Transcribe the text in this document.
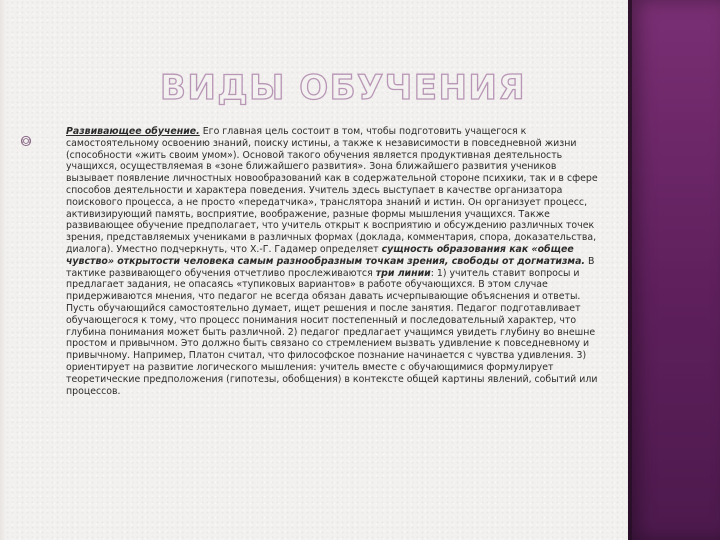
ВИДЫ ОБУЧЕНИЯ
Развивающее обучение. Его главная цель состоит в том, чтобы подготовить учащегося к самостоятельному освоению знаний, поиску истины, а также к независимости в повседневной жизни (способности «жить своим умом»). Основой такого обучения является продуктивная деятельность учащихся, осуществляемая в «зоне ближайшего развития». Зона ближайшего развития учеников вызывает появление личностных новообразований как в содержательной стороне психики, так и в сфере способов деятельности и характера поведения. Учитель здесь выступает в качестве организатора поискового процесса, а не просто «передатчика», транслятора знаний и истин. Он организует процесс, активизирующий память, восприятие, воображение, разные формы мышления учащихся. Также развивающее обучение предполагает, что учитель открыт к восприятию и обсуждению различных точек зрения, представляемых учениками в различных формах (доклада, комментария, спора, доказательства, диалога). Уместно подчеркнуть, что Х.-Г. Гадамер определяет сущность образования как «общее чувство» открытости человека самым разнообразным точкам зрения, свободы от догматизма. В тактике развивающего обучения отчетливо прослеживаются три линии: 1) учитель ставит вопросы и предлагает задания, не опасаясь «тупиковых вариантов» в работе обучающихся. В этом случае придерживаются мнения, что педагог не всегда обязан давать исчерпывающие объяснения и ответы. Пусть обучающийся самостоятельно думает, ищет решения и после занятия. Педагог подготавливает обучающегося к тому, что процесс понимания носит постепенный и последовательный характер, что глубина понимания может быть различной. 2) педагог предлагает учащимся увидеть глубину во внешне простом и привычном. Это должно быть связано со стремлением вызвать удивление к повседневному и привычному. Например, Платон считал, что философское познание начинается с чувства удивления. 3) ориентирует на развитие логического мышления: учитель вместе с обучающимися формулирует теоретические предположения (гипотезы, обобщения) в контексте общей картины явлений, событий или процессов.
